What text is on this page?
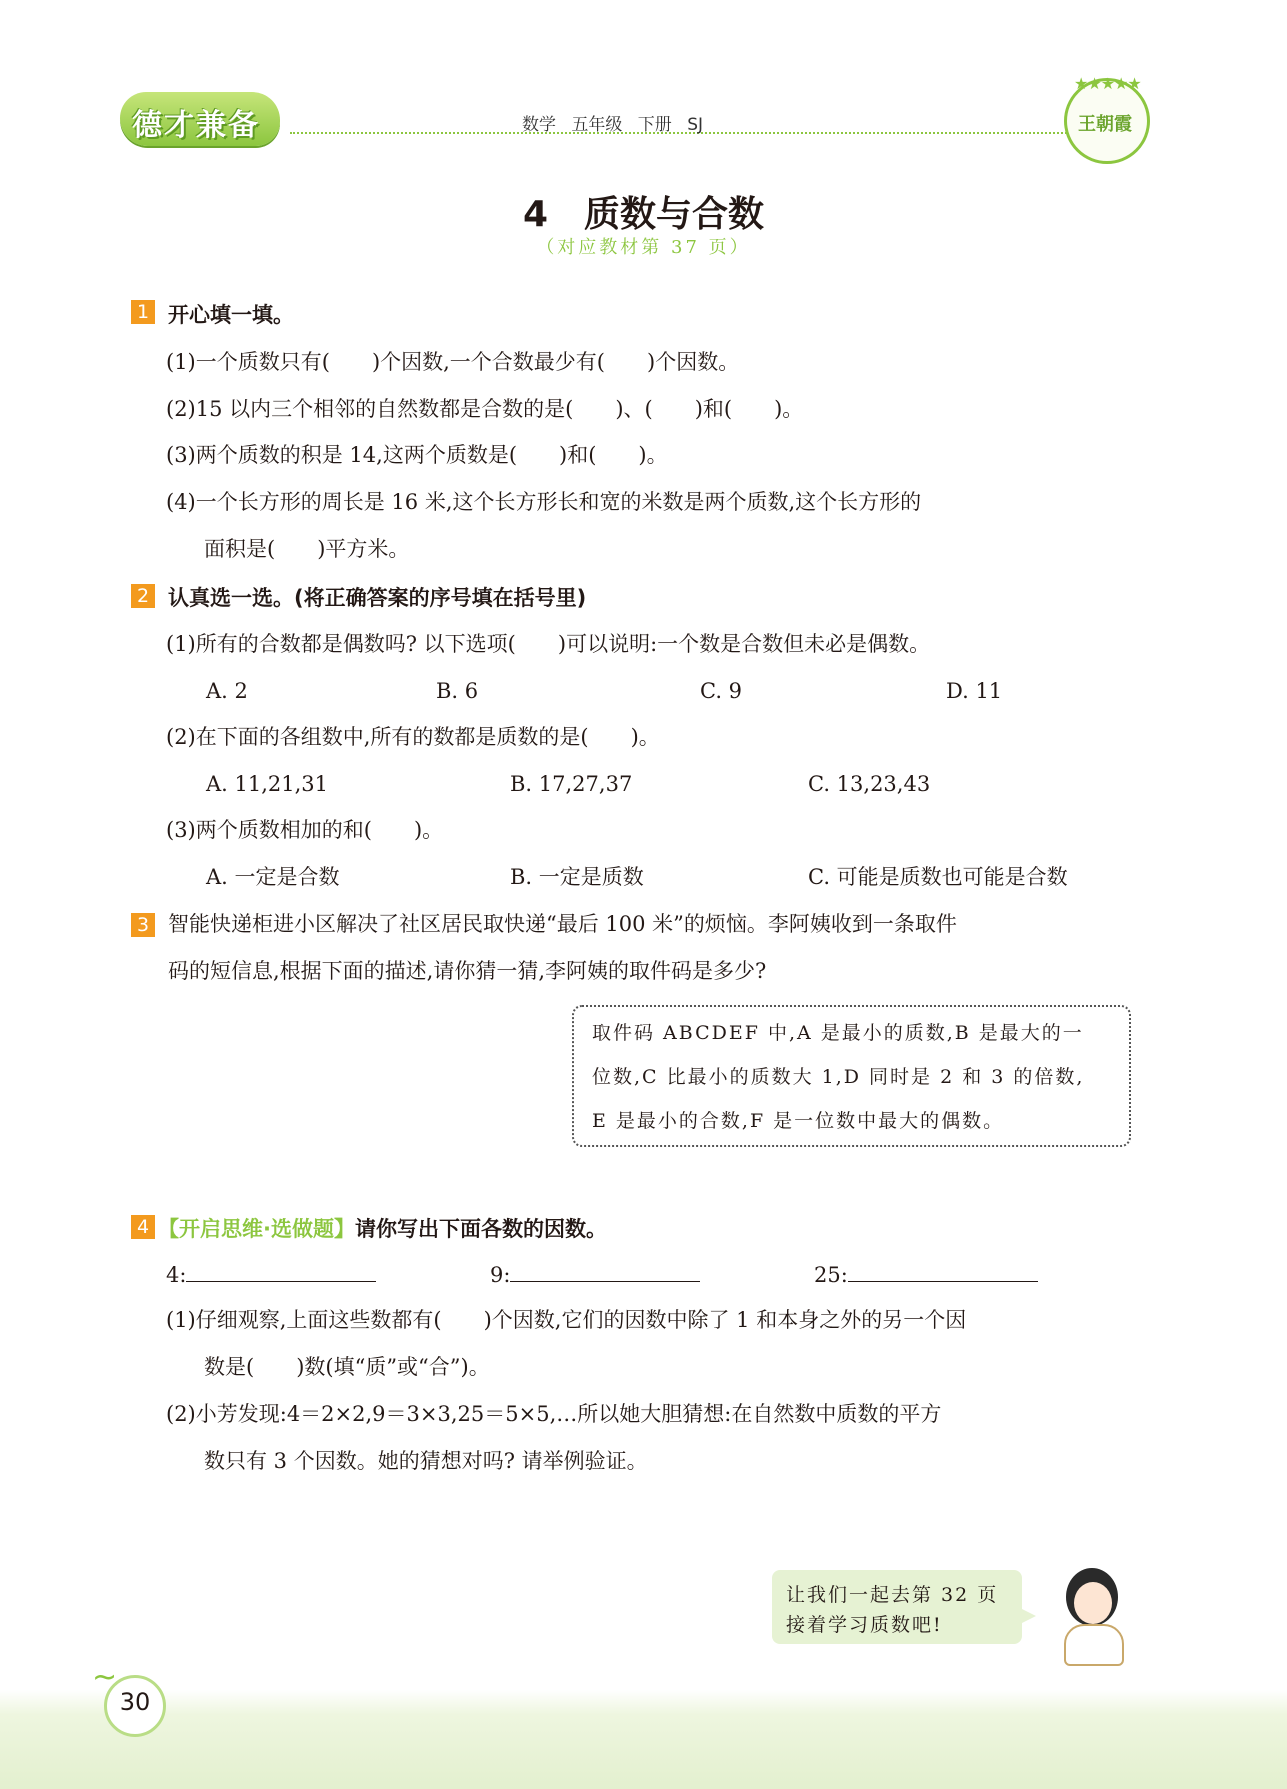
德才兼备	数学 五年级 下册 SJ
★★★★★
王朝霞
4　质数与合数
（对应教材第 37 页）
1 开心填一填。
(1)一个质数只有(　　)个因数,一个合数最少有(　　)个因数。
(2)15 以内三个相邻的自然数都是合数的是(　　)、(　　)和(　　)。
(3)两个质数的积是 14,这两个质数是(　　)和(　　)。
(4)一个长方形的周长是 16 米,这个长方形长和宽的米数是两个质数,这个长方形的
面积是(　　)平方米。
2 认真选一选。(将正确答案的序号填在括号里)
(1)所有的合数都是偶数吗? 以下选项(　　)可以说明:一个数是合数但未必是偶数。
A. 2	B. 6	C. 9	D. 11
(2)在下面的各组数中,所有的数都是质数的是(　　)。
A. 11,21,31	B. 17,27,37	C. 13,23,43
(3)两个质数相加的和(　　)。
A. 一定是合数	B. 一定是质数	C. 可能是质数也可能是合数
3 智能快递柜进小区解决了社区居民取快递“最后 100 米”的烦恼。李阿姨收到一条取件
码的短信息,根据下面的描述,请你猜一猜,李阿姨的取件码是多少?
取件码 ABCDEF 中,A 是最小的质数,B 是最大的一
位数,C 比最小的质数大 1,D 同时是 2 和 3 的倍数,
E 是最小的合数,F 是一位数中最大的偶数。
4 【开启思维·选做题】请你写出下面各数的因数。
4:	9:	25:
(1)仔细观察,上面这些数都有(　　)个因数,它们的因数中除了 1 和本身之外的另一个因
数是(　　)数(填“质”或“合”)。
(2)小芳发现:4＝2×2,9＝3×3,25＝5×5,…所以她大胆猜想:在自然数中质数的平方
数只有 3 个因数。她的猜想对吗? 请举例验证。
让我们一起去第 32 页
接着学习质数吧!
~
30
